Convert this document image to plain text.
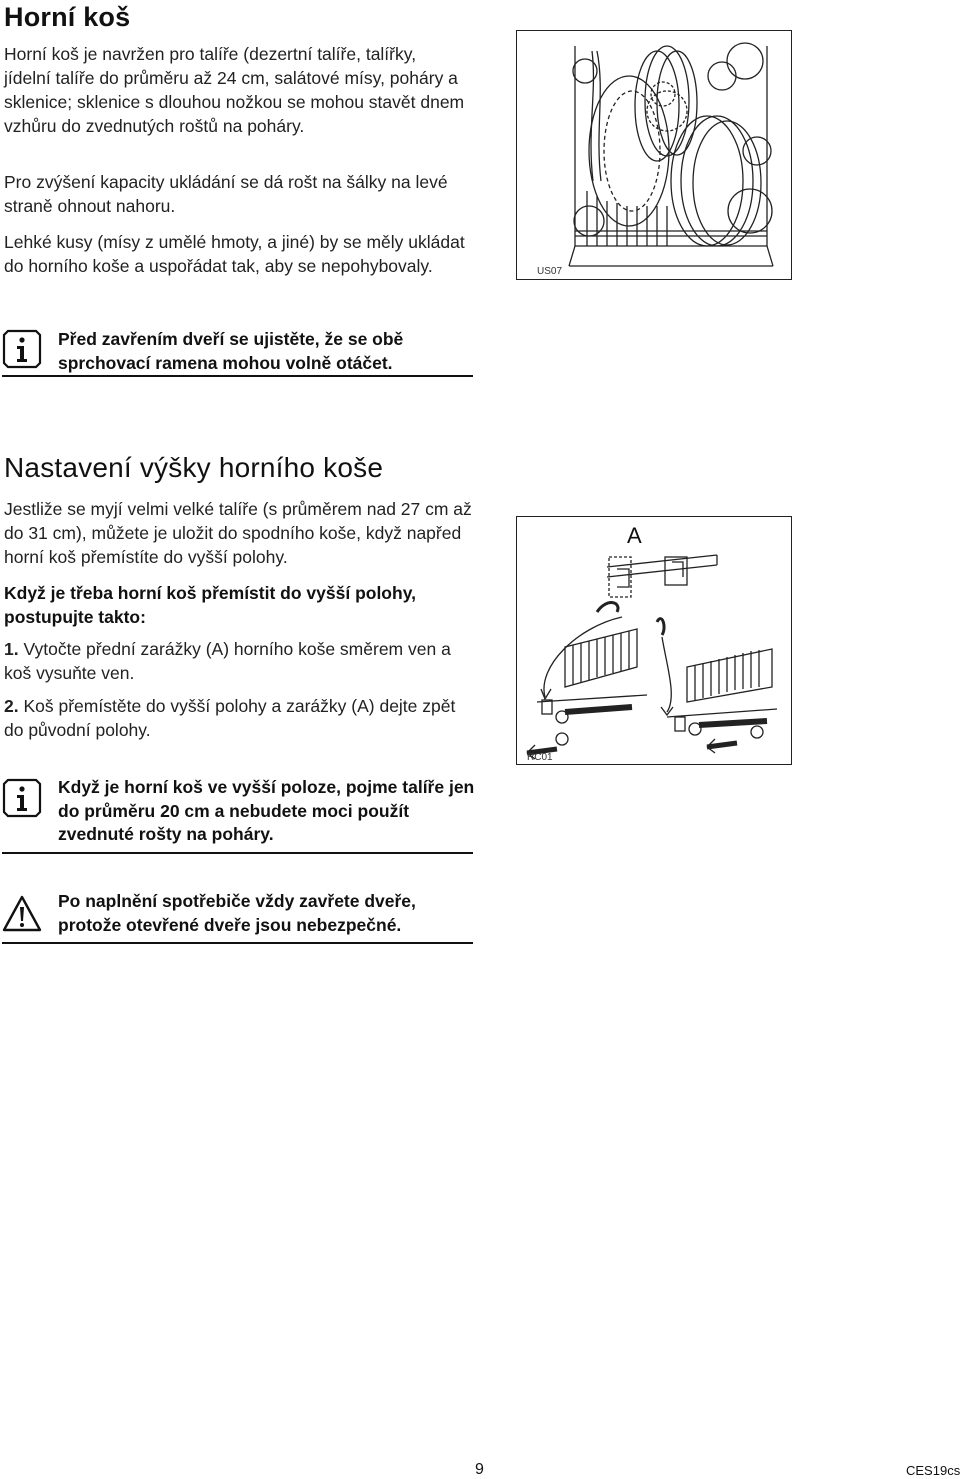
Horní koš

Horní koš je navržen pro talíře (dezertní talíře, talířky, jídelní talíře do průměru až 24 cm, salátové mísy, poháry a sklenice; sklenice s dlouhou nožkou se mohou stavět dnem vzhůru do zvednutých roštů na poháry.

Pro zvýšení kapacity ukládání se dá rošt na šálky na levé straně ohnout nahoru.

Lehké kusy (mísy z umělé hmoty, a jiné) by se měly ukládat do horního koše a uspořádat tak, aby se nepohybovaly.	US07

Před zavřením dveří se ujistěte, že se obě sprchovací ramena mohou volně otáčet.

Nastavení výšky horního koše

Jestliže se myjí velmi velké talíře (s průměrem nad 27 cm až do 31 cm), můžete je uložit do spodního koše, když napřed horní koš přemístíte do vyšší polohy.

Když je třeba horní koš přemístit do vyšší polohy, postupujte takto:

1. Vytočte přední zarážky (A) horního koše směrem ven a koš vysuňte ven.

2. Koš přemístěte do vyšší polohy a zarážky (A) dejte zpět do původní polohy.

A
RC01

Když je horní koš ve vyšší poloze, pojme talíře jen do průměru 20 cm a nebudete moci použít zvednuté rošty na poháry.

Po naplnění spotřebiče vždy zavřete dveře, protože otevřené dveře jsou nebezpečné.

9	CES19cs
